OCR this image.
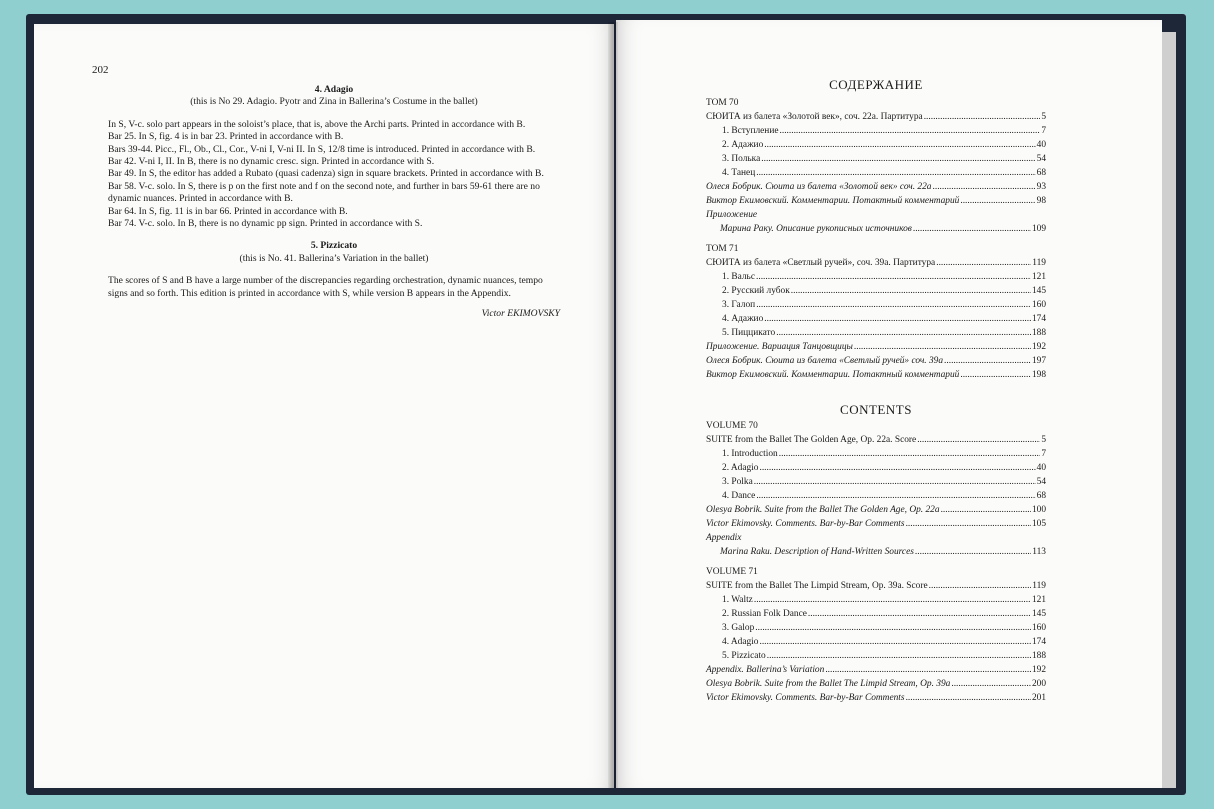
202

4. Adagio

(this is No 29. Adagio. Pyotr and Zina in Ballerina’s Costume in the ballet)

In S, V-c. solo part appears in the soloist’s place, that is, above the Archi parts. Printed in accordance with B.

Bar 25. In S, fig. 4 is in bar 23. Printed in accordance with B.

Bars 39-44. Picc., Fl., Ob., Cl., Cor., V-ni I, V-ni II. In S, 12/8 time is introduced. Printed in accordance with B.

Bar 42. V-ni I, II. In B, there is no dynamic cresc. sign. Printed in accordance with S.

Bar 49. In S, the editor has added a Rubato (quasi cadenza) sign in square brackets. Printed in accordance with B.

Bar 58. V-c. solo. In S, there is p on the first note and f on the second note, and further in bars 59-61 there are no dynamic nuances. Printed in accordance with B.

Bar 64. In S, fig. 11 is in bar 66. Printed in accordance with B.

Bar 74. V-c. solo. In B, there is no dynamic pp sign. Printed in accordance with S.

5. Pizzicato

(this is No. 41. Ballerina’s Variation in the ballet)

The scores of S and B have a large number of the discrepancies regarding orchestration, dynamic nuances, tempo signs and so forth. This edition is printed in accordance with S, while version B appears in the Appendix.

Victor EKIMOVSKY

СОДЕРЖАНИЕ
ТОМ 70
СЮИТА из балета «Золотой век», соч. 22а. Партитура .....	5
1. Вступление .....	7
2. Адажио .....	40
3. Полька .....	54
4. Танец .....	68
Олеся Бобрик. Сюита из балета «Золотой век» соч. 22а .....	93
Виктор Екимовский. Комментарии. Потактный комментарий .....	98
Приложение
Марина Раку. Описание рукописных источников .....	109
ТОМ 71
СЮИТА из балета «Светлый ручей», соч. 39а. Партитура .....	119
1. Вальс .....	121
2. Русский лубок .....	145
3. Галоп .....	160
4. Адажио .....	174
5. Пиццикато .....	188
Приложение. Вариация Танцовщицы .....	192
Олеся Бобрик. Сюита из балета «Светлый ручей» соч. 39а .....	197
Виктор Екимовский. Комментарии. Потактный комментарий .....	198
CONTENTS
VOLUME 70
SUITE from the Ballet The Golden Age, Op. 22a. Score .....	5
1. Introduction .....	7
2. Adagio .....	40
3. Polka .....	54
4. Dance .....	68
Olesya Bobrik. Suite from the Ballet The Golden Age, Op. 22a .....	100
Victor Ekimovsky. Comments. Bar-by-Bar Comments .....	105
Appendix
Marina Raku. Description of Hand-Written Sources .....	113
VOLUME 71
SUITE from the Ballet The Limpid Stream, Op. 39a. Score .....	119
1. Waltz .....	121
2. Russian Folk Dance .....	145
3. Galop .....	160
4. Adagio .....	174
5. Pizzicato .....	188
Appendix. Ballerina’s Variation .....	192
Olesya Bobrik. Suite from the Ballet The Limpid Stream, Op. 39a .....	200
Victor Ekimovsky. Comments. Bar-by-Bar Comments .....	201
